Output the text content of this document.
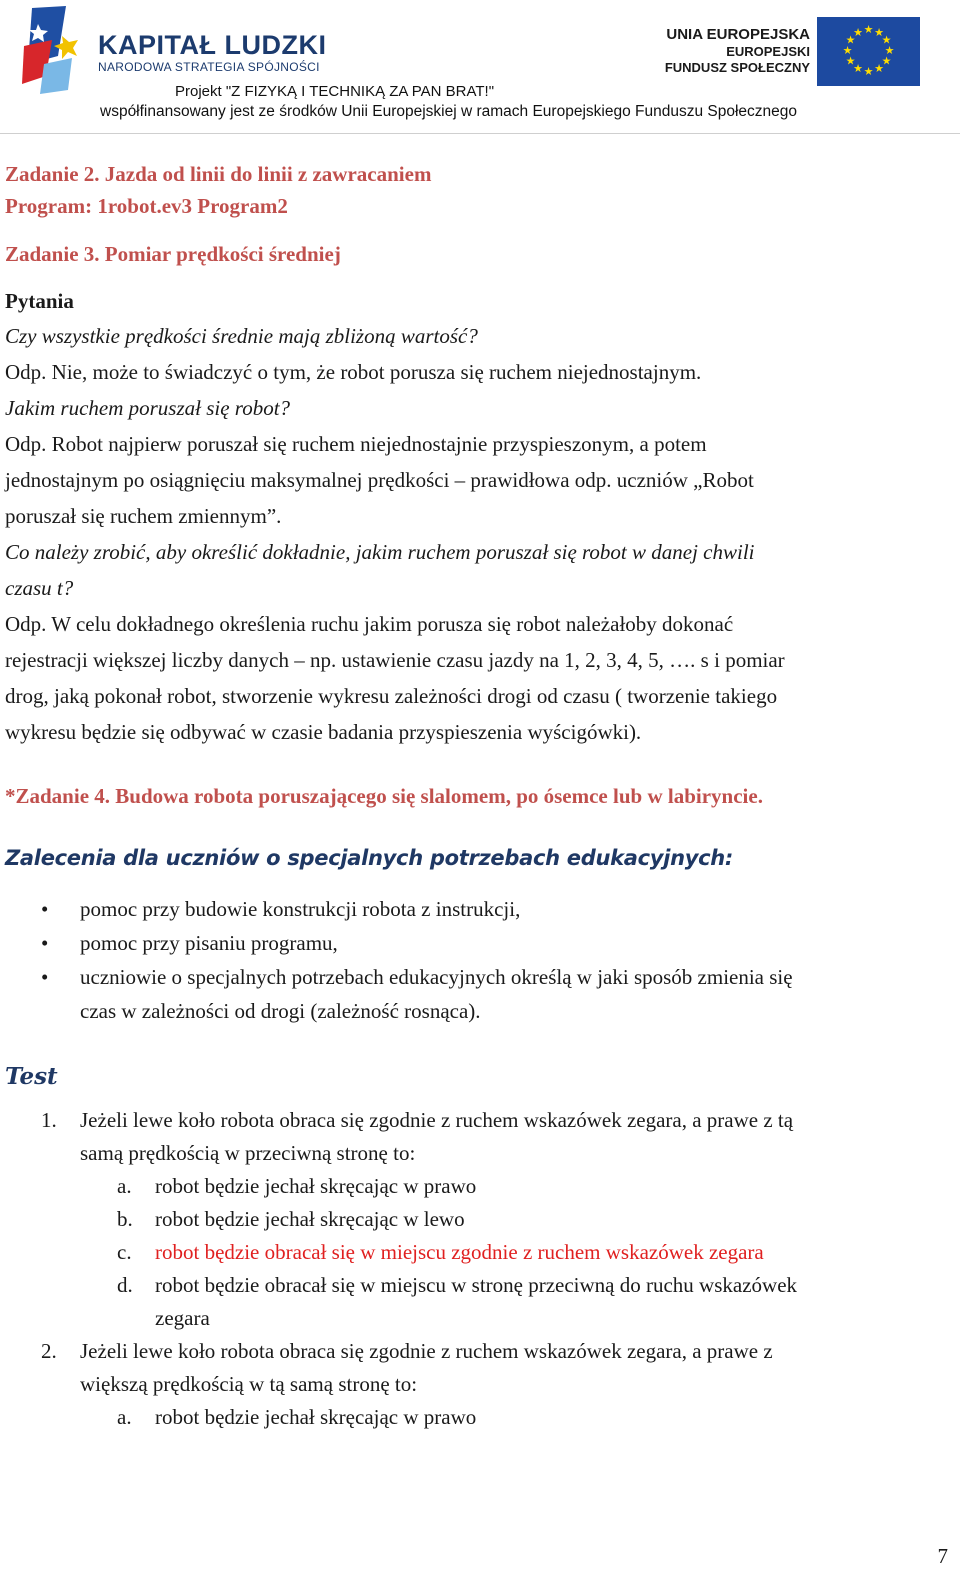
KAPITAŁ LUDZKI
NARODOWA STRATEGIA SPÓJNOŚCI
UNIA EUROPEJSKA
EUROPEJSKI
FUNDUSZ SPOŁECZNY
★ ★
★
★
★
★
★
★
★
★
★
★
Projekt "Z FIZYKĄ I TECHNIKĄ ZA PAN BRAT!"
współfinansowany jest ze środków Unii Europejskiej w ramach Europejskiego Funduszu Społecznego
Zadanie 2. Jazda od linii do linii z zawracaniem
Program: 1robot.ev3 Program2
Zadanie 3. Pomiar prędkości średniej
Pytania
Czy wszystkie prędkości średnie mają zbliżoną wartość?
Odp. Nie, może to świadczyć o tym, że robot porusza się ruchem niejednostajnym.
Jakim ruchem poruszał się robot?
Odp. Robot najpierw poruszał się ruchem niejednostajnie przyspieszonym, a potem
jednostajnym po osiągnięciu maksymalnej prędkości – prawidłowa odp. uczniów „Robot
poruszał się ruchem zmiennym”.
Co należy zrobić, aby określić dokładnie, jakim ruchem poruszał się robot w danej chwili
czasu t?
Odp. W celu dokładnego określenia ruchu jakim porusza się robot należałoby dokonać
rejestracji większej liczby danych – np. ustawienie czasu jazdy na 1, 2, 3, 4, 5, …. s i pomiar
drog, jaką pokonał robot, stworzenie wykresu zależności drogi od czasu ( tworzenie takiego
wykresu będzie się odbywać w czasie badania przyspieszenia wyścigówki).
*Zadanie 4. Budowa robota poruszającego się slalomem, po ósemce lub w labiryncie.
Zalecenia dla uczniów o specjalnych potrzebach edukacyjnych:
• pomoc przy budowie konstrukcji robota z instrukcji,
• pomoc przy pisaniu programu,
• uczniowie o specjalnych potrzebach edukacyjnych określą w jaki sposób zmienia się
czas w zależności od drogi (zależność rosnąca).
Test
1. Jeżeli lewe koło robota obraca się zgodnie z ruchem wskazówek zegara, a prawe z tą
samą prędkością w przeciwną stronę to:
a. robot będzie jechał skręcając w prawo
b. robot będzie jechał skręcając w lewo
c. robot będzie obracał się w miejscu zgodnie z ruchem wskazówek zegara
d. robot będzie obracał się w miejscu w stronę przeciwną do ruchu wskazówek
zegara
2. Jeżeli lewe koło robota obraca się zgodnie z ruchem wskazówek zegara, a prawe z
większą prędkością w tą samą stronę to:
a. robot będzie jechał skręcając w prawo
7
